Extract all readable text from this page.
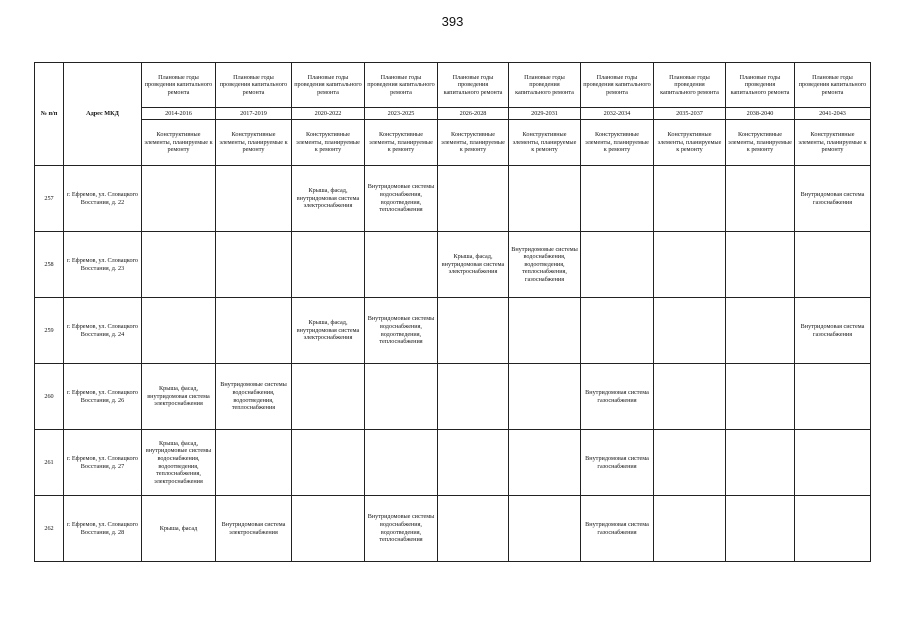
393
№ п/п	Адрес МКД	Плановые годы проведения капитального ремонта	Плановые годы проведения капитального ремонта	Плановые годы проведения капитального ремонта	Плановые годы проведения капитального ремонта	Плановые годы проведения капитального ремонта	Плановые годы проведения капитального ремонта	Плановые годы проведения капитального ремонта	Плановые годы проведения капитального ремонта	Плановые годы проведения капитального ремонта	Плановые годы проведения капитального ремонта
		2014-2016	2017-2019	2020-2022	2023-2025	2026-2028	2029-2031	2032-2034	2035-2037	2038-2040	2041-2043
		Конструктивные элементы, планируемые к ремонту	Конструктивные элементы, планируемые к ремонту	Конструктивные элементы, планируемые к ремонту	Конструктивные элементы, планируемые к ремонту	Конструктивные элементы, планируемые к ремонту	Конструктивные элементы, планируемые к ремонту	Конструктивные элементы, планируемые к ремонту	Конструктивные элементы, планируемые к ремонту	Конструктивные элементы, планируемые к ремонту	Конструктивные элементы, планируемые к ремонту
257	г. Ефремов, ул. Словацкого Восстания, д. 22			Крыша, фасад, внутридомовая система электроснабжения	Внутридомовые системы водоснабжения, водоотведения, теплоснабжения						Внутридомовая система газоснабжения
258	г. Ефремов, ул. Словацкого Восстания, д. 23					Крыша, фасад, внутридомовая система электроснабжения	Внутридомовые системы водоснабжения, водоотведения, теплоснабжения, газоснабжения				
259	г. Ефремов, ул. Словацкого Восстания, д. 24			Крыша, фасад, внутридомовая система электроснабжения	Внутридомовые системы водоснабжения, водоотведения, теплоснабжения						Внутридомовая система газоснабжения
260	г. Ефремов, ул. Словацкого Восстания, д. 26	Крыша, фасад, внутридомовая система электроснабжения	Внутридомовые системы водоснабжения, водоотведения, теплоснабжения					Внутридомовая система газоснабжения			
261	г. Ефремов, ул. Словацкого Восстания, д. 27	Крыша, фасад, внутридомовые системы водоснабжения, водоотведения, теплоснабжения, электроснабжения						Внутридомовая система газоснабжения			
262	г. Ефремов, ул. Словацкого Восстания, д. 28	Крыша, фасад	Внутридомовая система электроснабжения		Внутридомовые системы водоснабжения, водоотведения, теплоснабжения			Внутридомовая система газоснабжения			
